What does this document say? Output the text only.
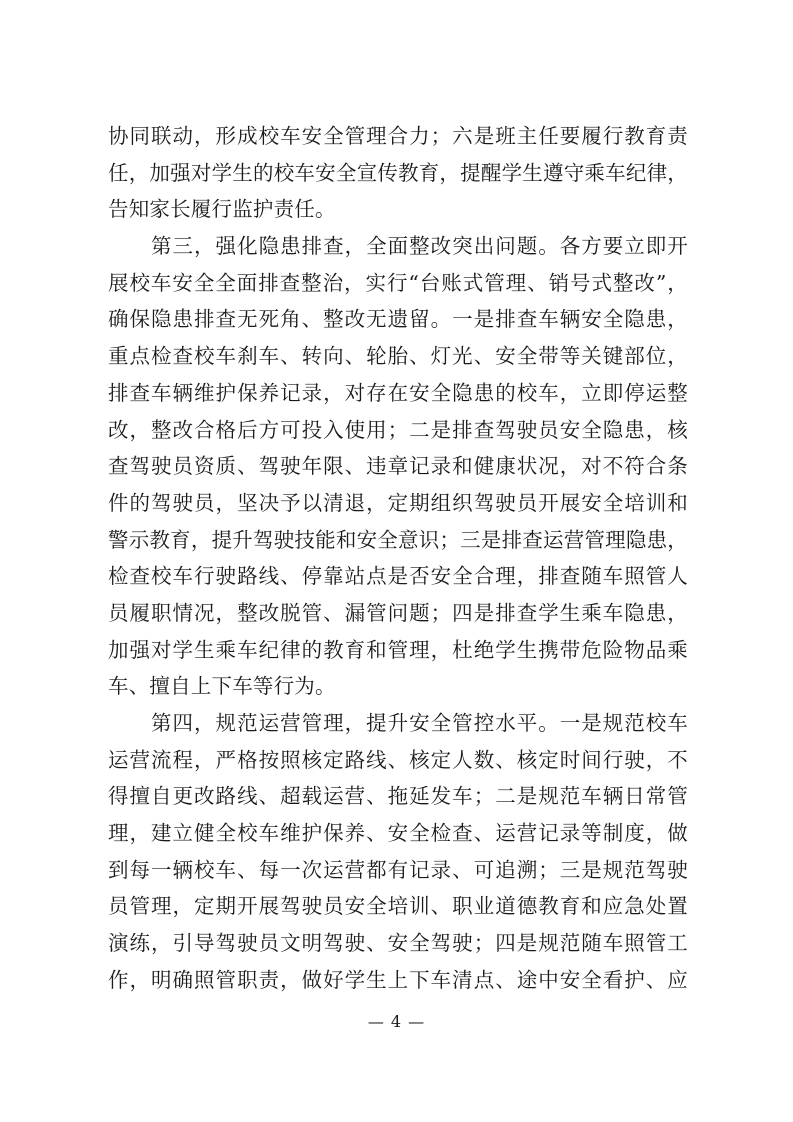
协同联动，形成校车安全管理合力；六是班主任要履行教育责
任，加强对学生的校车安全宣传教育，提醒学生遵守乘车纪律，
告知家长履行监护责任。
　　第三，强化隐患排查，全面整改突出问题。各方要立即开
展校车安全全面排查整治，实行“台账式管理、销号式整改”，
确保隐患排查无死角、整改无遗留。一是排查车辆安全隐患，
重点检查校车刹车、转向、轮胎、灯光、安全带等关键部位，
排查车辆维护保养记录，对存在安全隐患的校车，立即停运整
改，整改合格后方可投入使用；二是排查驾驶员安全隐患，核
查驾驶员资质、驾驶年限、违章记录和健康状况，对不符合条
件的驾驶员，坚决予以清退，定期组织驾驶员开展安全培训和
警示教育，提升驾驶技能和安全意识；三是排查运营管理隐患，
检查校车行驶路线、停靠站点是否安全合理，排查随车照管人
员履职情况，整改脱管、漏管问题；四是排查学生乘车隐患，
加强对学生乘车纪律的教育和管理，杜绝学生携带危险物品乘
车、擅自上下车等行为。
　　第四，规范运营管理，提升安全管控水平。一是规范校车
运营流程，严格按照核定路线、核定人数、核定时间行驶，不
得擅自更改路线、超载运营、拖延发车；二是规范车辆日常管
理，建立健全校车维护保养、安全检查、运营记录等制度，做
到每一辆校车、每一次运营都有记录、可追溯；三是规范驾驶
员管理，定期开展驾驶员安全培训、职业道德教育和应急处置
演练，引导驾驶员文明驾驶、安全驾驶；四是规范随车照管工
作，明确照管职责，做好学生上下车清点、途中安全看护、应
— 4 —
